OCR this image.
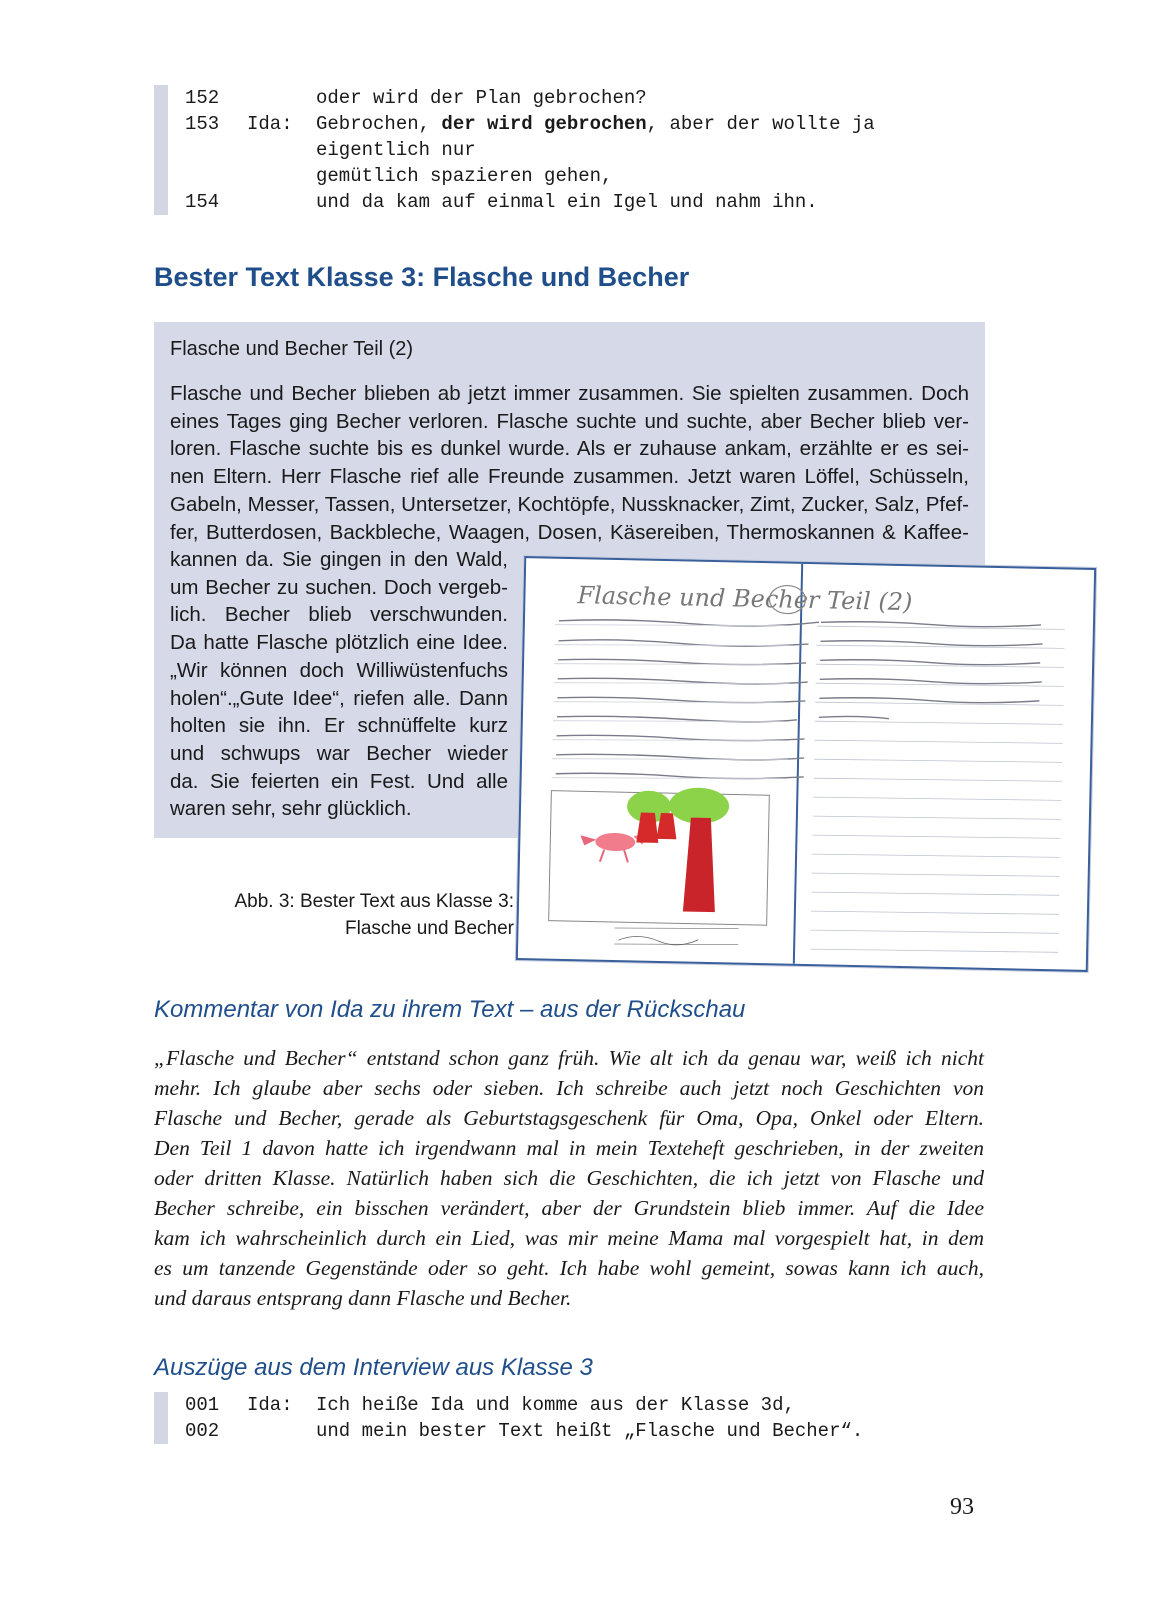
152	oder wird der Plan gebrochen?
153	Ida:	Gebrochen, der wird gebrochen, aber der wollte ja
eigentlich nur
gemütlich spazieren gehen,
154	und da kam auf einmal ein Igel und nahm ihn.
Bester Text Klasse 3: Flasche und Becher
Flasche und Becher Teil (2)
Flasche und Becher blieben ab jetzt immer zusammen. Sie spielten zusammen. Doch
eines Tages ging Becher verloren. Flasche suchte und suchte, aber Becher blieb ver-
loren. Flasche suchte bis es dunkel wurde. Als er zuhause ankam, erzählte er es sei-
nen Eltern. Herr Flasche rief alle Freunde zusammen. Jetzt waren Löffel, Schüsseln,
Gabeln, Messer, Tassen, Untersetzer, Kochtöpfe, Nussknacker, Zimt, Zucker, Salz, Pfef-
fer, Butterdosen, Backbleche, Waagen, Dosen, Käsereiben, Thermoskannen & Kaffee-
kannen da. Sie gingen in den Wald,
um Becher zu suchen. Doch vergeb-
lich. Becher blieb verschwunden.
Da hatte Flasche plötzlich eine Idee.
„Wir können doch Williwüstenfuchs
holen“.„Gute Idee“, riefen alle. Dann
holten sie ihn. Er schnüffelte kurz
und schwups war Becher wieder
da. Sie feierten ein Fest. Und alle
waren sehr, sehr glücklich.
Abb. 3: Bester Text aus Klasse 3:
Flasche und Becher
Flasche und Becher Teil (2)
Kommentar von Ida zu ihrem Text – aus der Rückschau
„Flasche und Becher“ entstand schon ganz früh. Wie alt ich da genau war, weiß ich nicht
mehr. Ich glaube aber sechs oder sieben. Ich schreibe auch jetzt noch Geschichten von
Flasche und Becher, gerade als Geburtstagsgeschenk für Oma, Opa, Onkel oder Eltern.
Den Teil 1 davon hatte ich irgendwann mal in mein Texteheft geschrieben, in der zweiten
oder dritten Klasse. Natürlich haben sich die Geschichten, die ich jetzt von Flasche und
Becher schreibe, ein bisschen verändert, aber der Grundstein blieb immer. Auf die Idee
kam ich wahrscheinlich durch ein Lied, was mir meine Mama mal vorgespielt hat, in dem
es um tanzende Gegenstände oder so geht. Ich habe wohl gemeint, sowas kann ich auch,
und daraus entsprang dann Flasche und Becher.
Auszüge aus dem Interview aus Klasse 3
001	Ida:	Ich heiße Ida und komme aus der Klasse 3d,
002	und mein bester Text heißt „Flasche und Becher“.
93
